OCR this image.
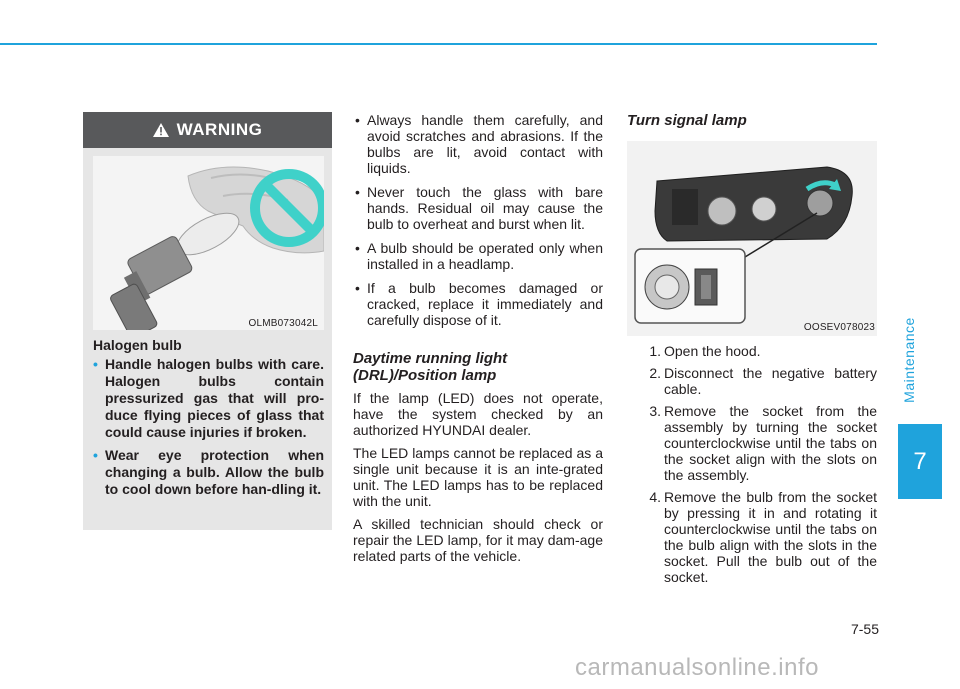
WARNING
OLMB073042L
Halogen bulb
• Handle halogen bulbs with care. Halogen bulbs contain pressurized gas that will pro-duce flying pieces of glass that could cause injuries if broken.
• Wear eye protection when changing a bulb. Allow the bulb to cool down before han-dling it.
• Always handle them carefully, and avoid scratches and abrasions. If the bulbs are lit, avoid contact with liquids.
• Never touch the glass with bare hands. Residual oil may cause the bulb to overheat and burst when lit.
• A bulb should be operated only when installed in a headlamp.
• If a bulb becomes damaged or cracked, replace it immediately and carefully dispose of it.
Daytime running light (DRL)/Position lamp

If the lamp (LED) does not operate, have the system checked by an authorized HYUNDAI dealer.

The LED lamps cannot be replaced as a single unit because it is an inte-grated unit. The LED lamps has to be replaced with the unit.

A skilled technician should check or repair the LED lamp, for it may dam-age related parts of the vehicle.

Turn signal lamp
OOSEV078023
1. Open the hood.
2. Disconnect the negative battery cable.
3. Remove the socket from the assembly by turning the socket counterclockwise until the tabs on the socket align with the slots on the assembly.
4. Remove the bulb from the socket by pressing it in and rotating it counterclockwise until the tabs on the bulb align with the slots in the socket. Pull the bulb out of the socket.
Maintenance
7
7-55
carmanualsonline.info
